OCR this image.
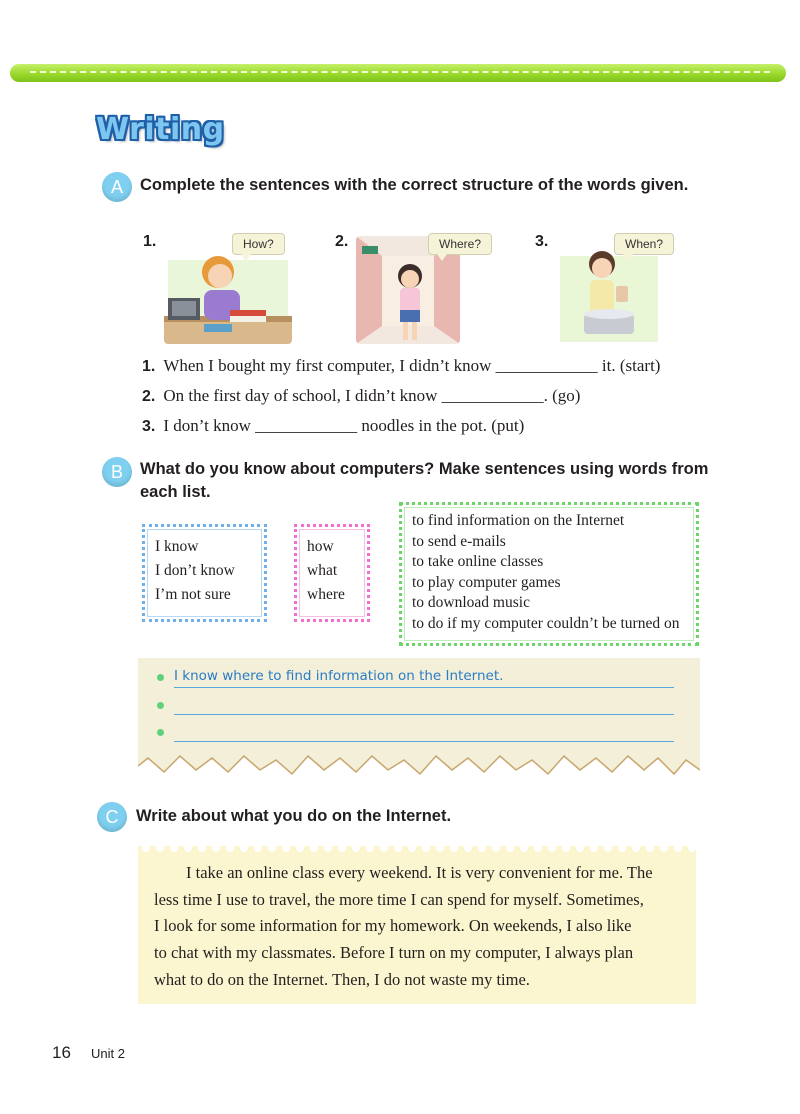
Writing
A	Complete the sentences with the correct structure of the words given.
1.	How?	2.	Where?	3.	When?
1. When I bought my first computer, I didn’t know ____________ it. (start)
2. On the first day of school, I didn’t know ____________. (go)
3. I don’t know ____________ noodles in the pot. (put)
B	What do you know about computers? Make sentences using words from each list.
I know
I don’t know
I’m not sure
how
what
where
to find information on the Internet
to send e-mails
to take online classes
to play computer games
to download music
to do if my computer couldn’t be turned on
I know where to find information on the Internet.
C	Write about what you do on the Internet.
I take an online class every weekend. It is very convenient for me. The
less time I use to travel, the more time I can spend for myself. Sometimes,
I look for some information for my homework. On weekends, I also like
to chat with my classmates. Before I turn on my computer, I always plan
what to do on the Internet. Then, I do not waste my time.
16 Unit 2
